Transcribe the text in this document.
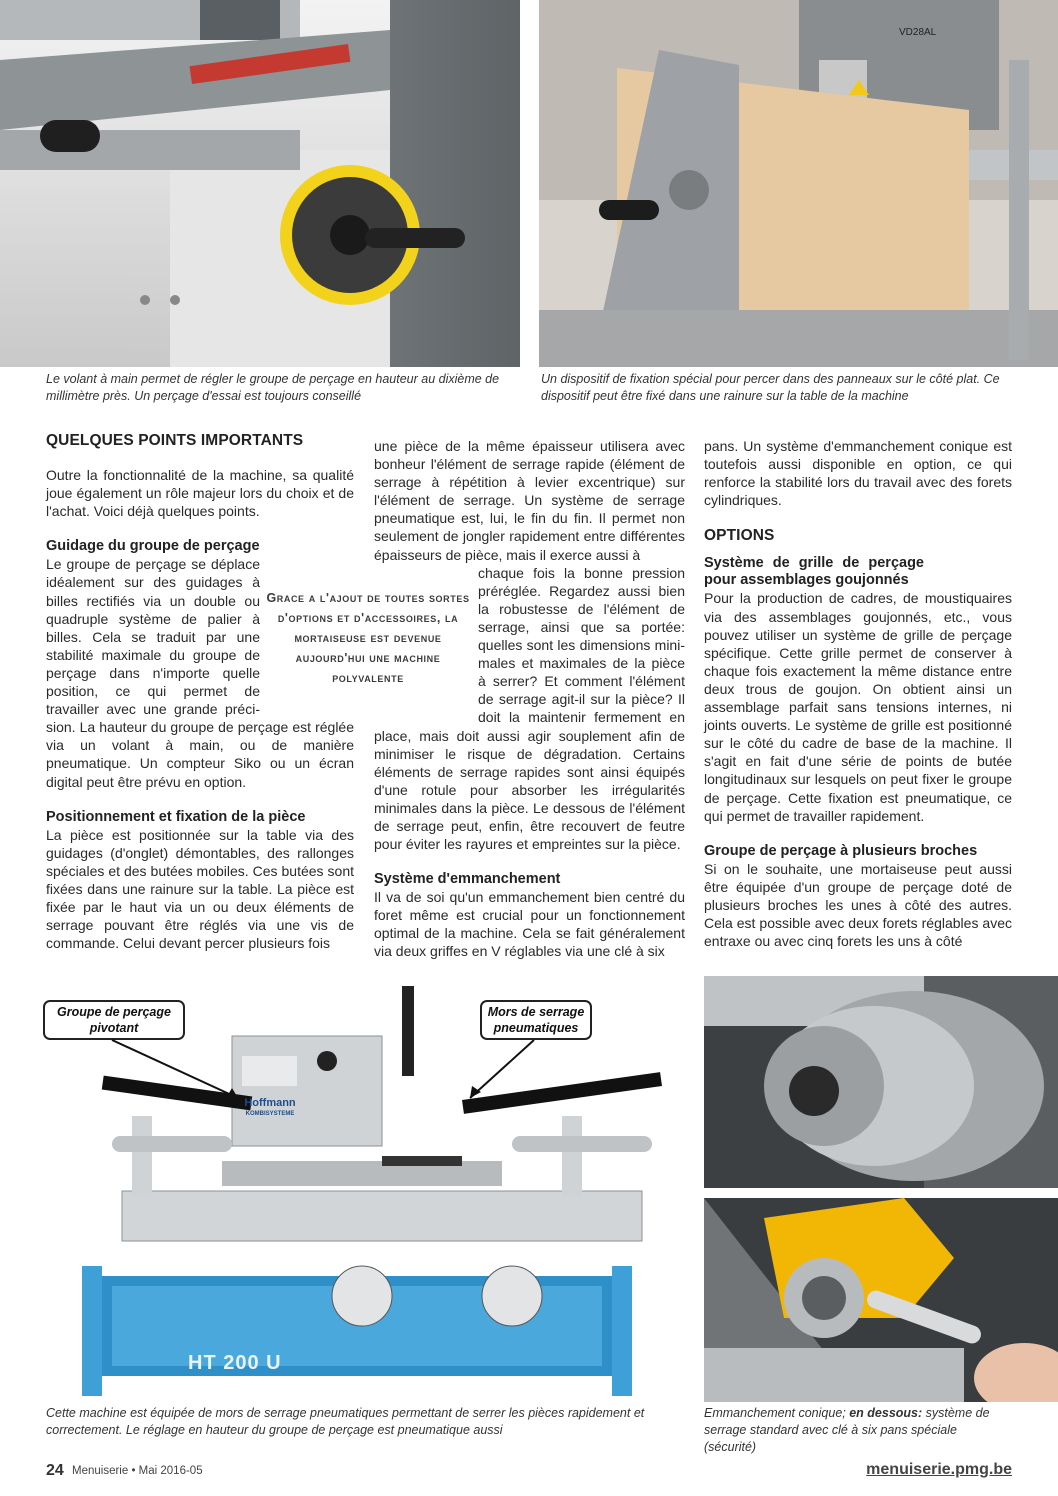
Le volant à main permet de régler le groupe de perçage en hauteur au dixième de millimètre près. Un perçage d'essai est toujours conseillé
VD28AL
Un dispositif de fixation spécial pour percer dans des panneaux sur le côté plat. Ce dispositif peut être fixé dans une rainure sur la table de la machine
QUELQUES POINTS IMPORTANTS

Outre la fonctionnalité de la machine, sa qualité joue également un rôle majeur lors du choix et de l'achat. Voici déjà quelques points.

Guidage du groupe de perçage
Le groupe de perçage se déplace
idéalement sur des guidages à
billes rectifiés via un double ou
quadruple système de palier à
billes. Cela se traduit par une
stabilité maximale du groupe de
perçage dans n'importe quelle
position, ce qui permet de
travailler avec une grande préci-

sion. La hauteur du groupe de perçage est réglée via un volant à main, ou de manière pneumatique. Un compteur Siko ou un écran digital peut être prévu en option.

Positionnement et fixation de la pièce

La pièce est positionnée sur la table via des guidages (d'onglet) démontables, des rallonges spéciales et des butées mobiles. Ces butées sont fixées dans une rainure sur la table. La pièce est fixée par le haut via un ou deux éléments de serrage pouvant être réglés via une vis de commande. Celui devant percer plusieurs fois

Grace a l'ajout de toutes sortes d'options et d'accessoires, la mortaiseuse est devenue aujourd'hui une machine polyvalente

une pièce de la même épaisseur utilisera avec bonheur l'élément de serrage rapide (élément de serrage à répétition à levier excentrique) sur l'élément de serrage. Un système de serrage pneumatique est, lui, le fin du fin. Il permet non seulement de jongler rapidement entre différentes épaisseurs de pièce, mais il exerce aussi à

chaque fois la bonne pression
préréglée. Regardez aussi bien
la robustesse de l'élément de
serrage, ainsi que sa portée:
quelles sont les dimensions mini-
males et maximales de la pièce
à serrer? Et comment l'élément
de serrage agit-il sur la pièce? Il
doit la maintenir fermement en

place, mais doit aussi agir souplement afin de minimiser le risque de dégradation. Certains éléments de serrage rapides sont ainsi équipés d'une rotule pour absorber les irrégularités minimales dans la pièce. Le dessous de l'élément de serrage peut, enfin, être recouvert de feutre pour éviter les rayures et empreintes sur la pièce.

Système d'emmanchement

Il va de soi qu'un emmanchement bien centré du foret même est crucial pour un fonctionnement optimal de la machine. Cela se fait généralement via deux griffes en V réglables via une clé à six

pans. Un système d'emmanchement conique est toutefois aussi disponible en option, ce qui renforce la stabilité lors du travail avec des forets cylindriques.

OPTIONS
Système de grille de perçage pour assemblages goujonnés

Pour la production de cadres, de moustiquaires via des assemblages goujonnés, etc., vous pouvez utiliser un système de grille de perçage spécifique. Cette grille permet de conserver à chaque fois exactement la même distance entre deux trous de goujon. On obtient ainsi un assemblage parfait sans tensions internes, ni joints ouverts. Le système de grille est positionné sur le côté du cadre de base de la machine. Il s'agit en fait d'une série de points de butée longitudinaux sur lesquels on peut fixer le groupe de perçage. Cette fixation est pneumatique, ce qui permet de travailler rapidement.

Groupe de perçage à plusieurs broches

Si on le souhaite, une mortaiseuse peut aussi être équipée d'un groupe de perçage doté de plusieurs broches les unes à côté des autres. Cela est possible avec deux forets réglables avec entraxe ou avec cinq forets les uns à côté

HT 200 U
Hoffmann
KOMBISYSTEME
Groupe de perçage pivotant
Mors de serrage pneumatiques
Cette machine est équipée de mors de serrage pneumatiques permettant de serrer les pièces rapidement et correctement. Le réglage en hauteur du groupe de perçage est pneumatique aussi
Emmanchement conique; en dessous: système de serrage standard avec clé à six pans spéciale (sécurité)
24 Menuiserie • Mai 2016-05	menuiserie.pmg.be
